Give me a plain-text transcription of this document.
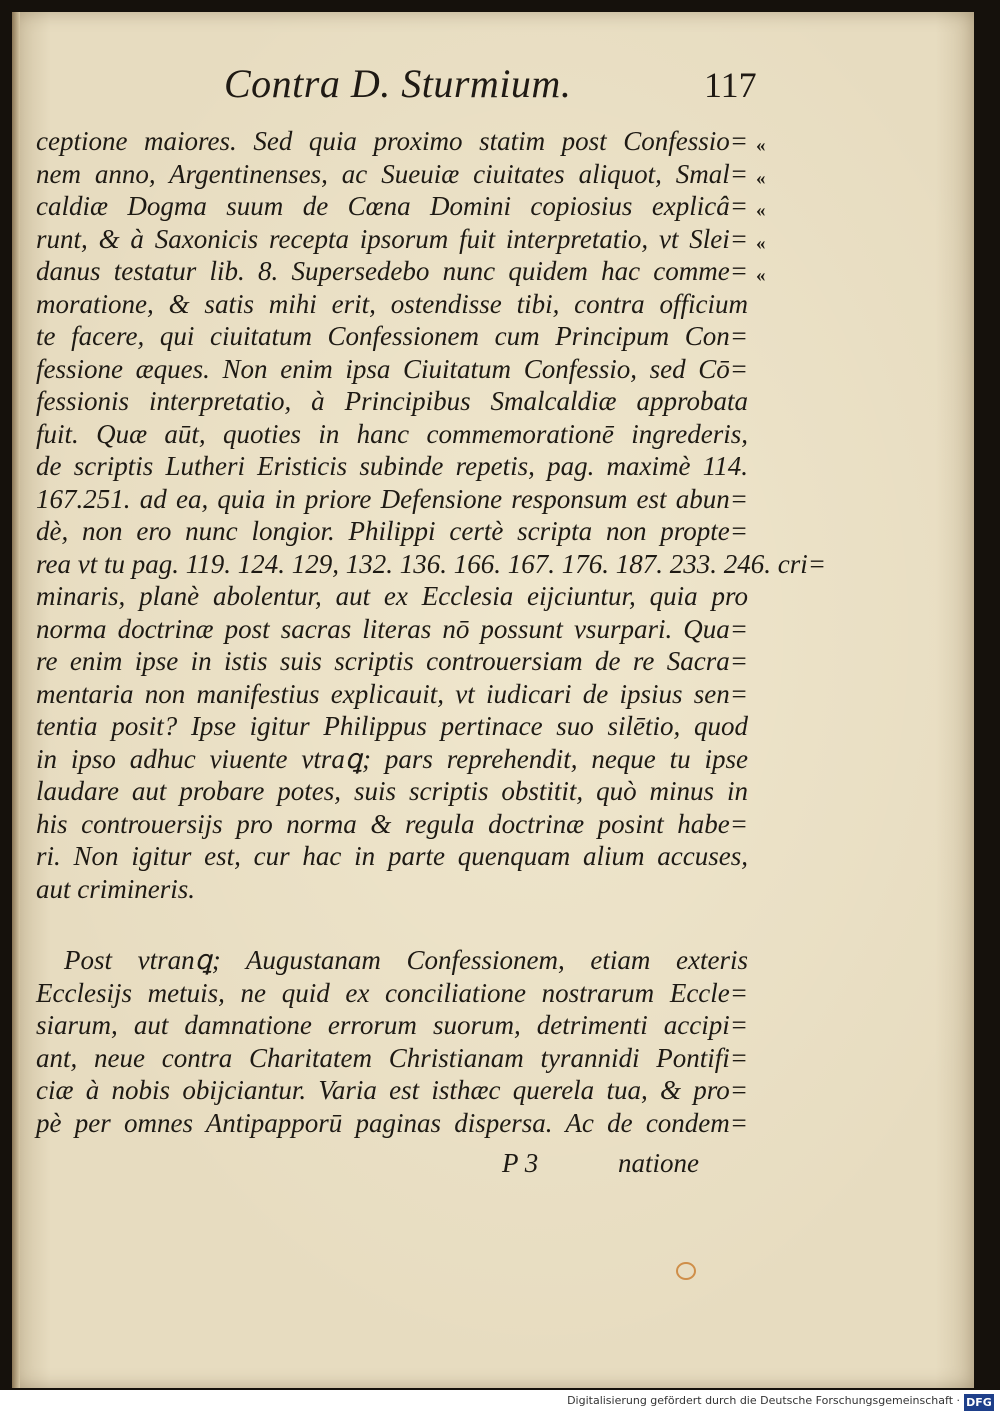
Contra D. Sturmium.	117
«
«
«
«
«
ceptione maiores. Sed quia proximo statim post Confessio=
nem anno, Argentinenses, ac Sueuiæ ciuitates aliquot, Smal=
caldiæ Dogma suum de Cœna Domini copiosius explicâ=
runt, & à Saxonicis recepta ipsorum fuit interpretatio, vt Slei=
danus testatur lib. 8. Supersedebo nunc quidem hac comme=
moratione, & satis mihi erit, ostendisse tibi, contra officium
te facere, qui ciuitatum Confessionem cum Principum Con=
fessione æques. Non enim ipsa Ciuitatum Confessio, sed Cō=
fessionis interpretatio, à Principibus Smalcaldiæ approbata
fuit. Quæ aūt, quoties in hanc commemorationē ingrederis,
de scriptis Lutheri Eristicis subinde repetis, pag. maximè 114.
167.251. ad ea, quia in priore Defensione responsum est abun=
dè, non ero nunc longior. Philippi certè scripta non propte=
rea vt tu pag. 119. 124. 129, 132. 136. 166. 167. 176. 187. 233. 246. cri=
minaris, planè abolentur, aut ex Ecclesia eijciuntur, quia pro
norma doctrinæ post sacras literas nō possunt vsurpari. Qua=
re enim ipse in istis suis scriptis controuersiam de re Sacra=
mentaria non manifestius explicauit, vt iudicari de ipsius sen=
tentia posit? Ipse igitur Philippus pertinace suo silētio, quod
in ipso adhuc viuente vtraꝗ; pars reprehendit, neque tu ipse
laudare aut probare potes, suis scriptis obstitit, quò minus in
his controuersijs pro norma & regula doctrinæ posint habe=
ri. Non igitur est, cur hac in parte quenquam alium accuses,
aut crimineris.
Post vtranꝗ; Augustanam Confessionem, etiam exteris
Ecclesijs metuis, ne quid ex conciliatione nostrarum Eccle=
siarum, aut damnatione errorum suorum, detrimenti accipi=
ant, neue contra Charitatem Christianam tyrannidi Pontifi=
ciæ à nobis obijciantur. Varia est isthæc querela tua, & pro=
pè per omnes Antipapporū paginas dispersa. Ac de condem=
P 3	natione
Digitalisierung gefördert durch die Deutsche Forschungsgemeinschaft · DFG
